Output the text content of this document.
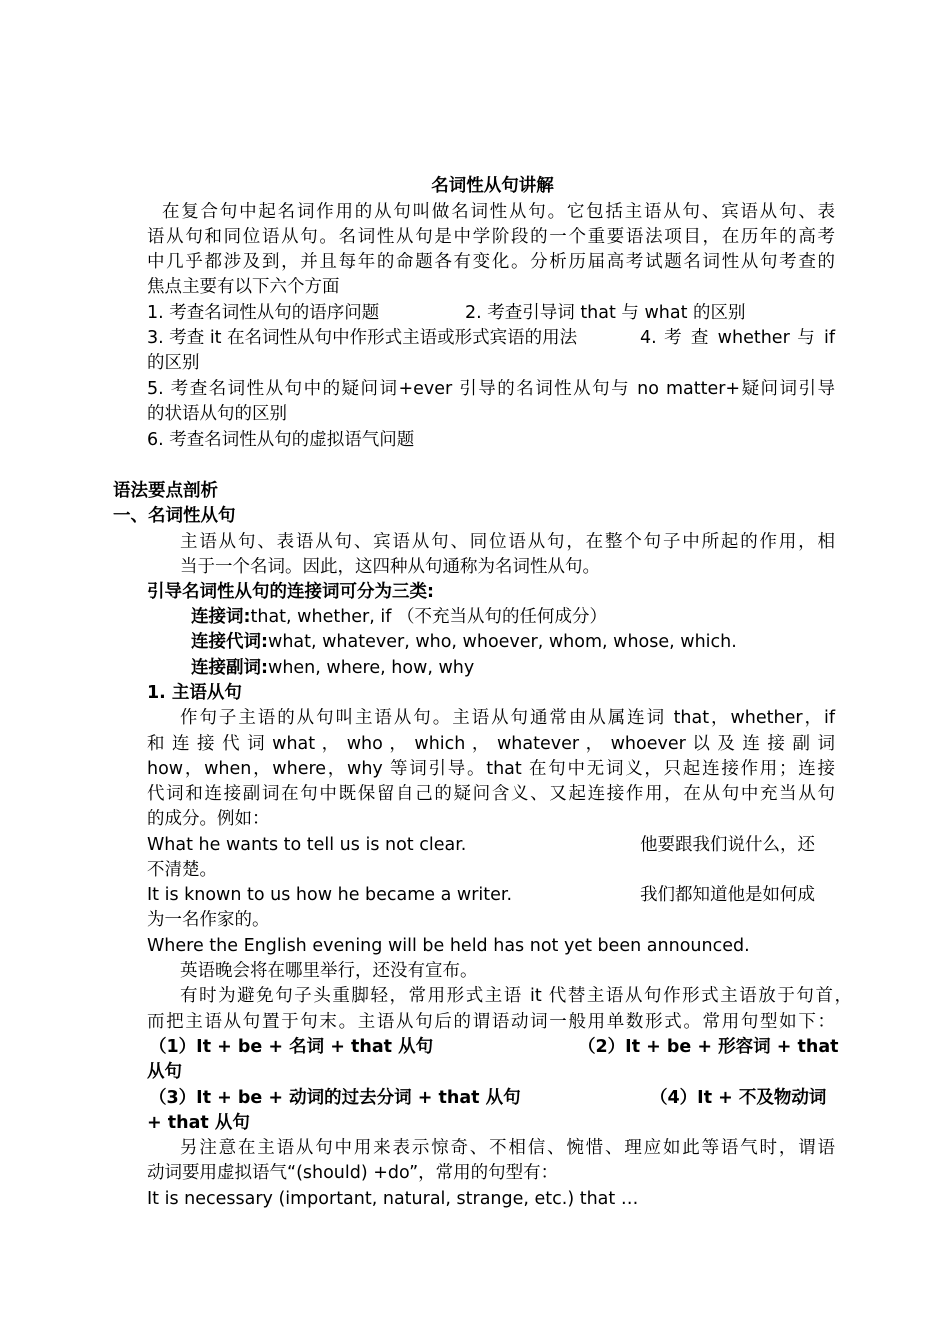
名词性从句讲解
在复合句中起名词作用的从句叫做名词性从句。它包括主语从句、宾语从句、表
语从句和同位语从句。名词性从句是中学阶段的一个重要语法项目，在历年的高考
中几乎都涉及到，并且每年的命题各有变化。分析历届高考试题名词性从句考查的
焦点主要有以下六个方面
1. 考查名词性从句的语序问题	2. 考查引导词 that 与 what 的区别
3. 考查 it 在名词性从句中作形式主语或形式宾语的用法	4. 考 查 whether 与 if
的区别
5. 考查名词性从句中的疑问词+ever 引导的名词性从句与 no matter+疑问词引导
的状语从句的区别
6. 考查名词性从句的虚拟语气问题
语法要点剖析
一、名词性从句
主语从句、表语从句、宾语从句、同位语从句，在整个句子中所起的作用，相
当于一个名词。因此，这四种从句通称为名词性从句。
引导名词性从句的连接词可分为三类:
连接词:that, whether, if （不充当从句的任何成分）
连接代词:what, whatever, who, whoever, whom, whose, which.
连接副词:when, where, how, why
1. 主语从句
作句子主语的从句叫主语从句。主语从句通常由从属连词 that，whether，if
和 连 接 代 词 what ， who ， which ， whatever ， whoever 以 及 连 接 副 词
how，when，where，why 等词引导。that 在句中无词义，只起连接作用；连接
代词和连接副词在句中既保留自己的疑问含义、又起连接作用，在从句中充当从句
的成分。例如：
What he wants to tell us is not clear.	他要跟我们说什么，还
不清楚。
It is known to us how he became a writer.	我们都知道他是如何成
为一名作家的。
Where the English evening will be held has not yet been announced.
英语晚会将在哪里举行，还没有宣布。
有时为避免句子头重脚轻，常用形式主语 it 代替主语从句作形式主语放于句首，
而把主语从句置于句末。主语从句后的谓语动词一般用单数形式。常用句型如下：
（1）It + be + 名词 + that 从句	（2）It + be + 形容词 + that
从句
（3）It + be + 动词的过去分词 + that 从句	（4）It + 不及物动词
+ that 从句
另注意在主语从句中用来表示惊奇、不相信、惋惜、理应如此等语气时，谓语
动词要用虚拟语气“(should) +do”，常用的句型有：
It is necessary (important, natural, strange, etc.) that …
